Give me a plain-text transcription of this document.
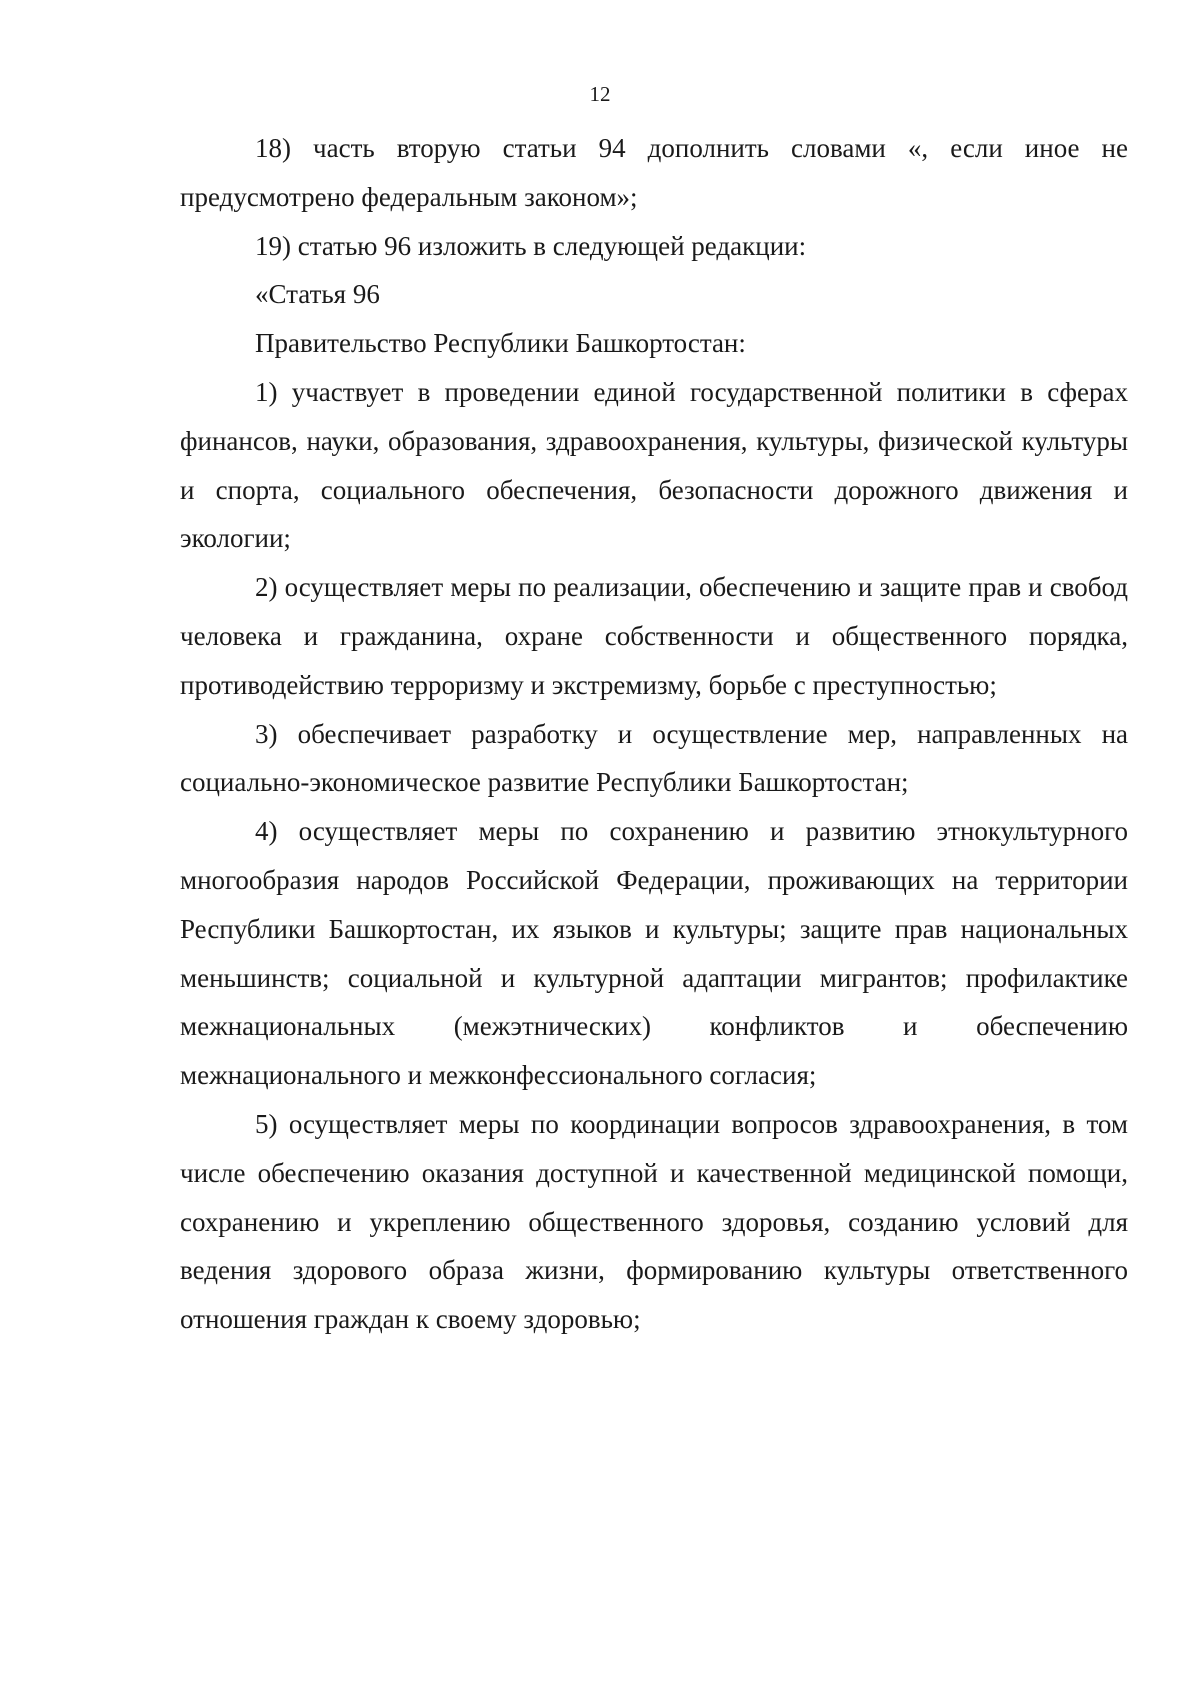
12

18) часть вторую статьи 94 дополнить словами «, если иное не предусмотрено федеральным законом»;

19) статью 96 изложить в следующей редакции:

«Статья 96

Правительство Республики Башкортостан:

1) участвует в проведении единой государственной политики в сферах финансов, науки, образования, здравоохранения, культуры, физической культуры и спорта, социального обеспечения, безопасности дорожного движения и экологии;

2) осуществляет меры по реализации, обеспечению и защите прав и свобод человека и гражданина, охране собственности и общественного порядка, противодействию терроризму и экстремизму, борьбе с преступностью;

3) обеспечивает разработку и осуществление мер, направленных на социально-экономическое развитие Республики Башкортостан;

4) осуществляет меры по сохранению и развитию этнокультурного многообразия народов Российской Федерации, проживающих на территории Республики Башкортостан, их языков и культуры; защите прав национальных меньшинств; социальной и культурной адаптации мигрантов; профилактике межнациональных (межэтнических) конфликтов и обеспечению межнационального и межконфессионального согласия;

5) осуществляет меры по координации вопросов здравоохранения, в том числе обеспечению оказания доступной и качественной медицинской помощи, сохранению и укреплению общественного здоровья, созданию условий для ведения здорового образа жизни, формированию культуры ответственного отношения граждан к своему здоровью;
